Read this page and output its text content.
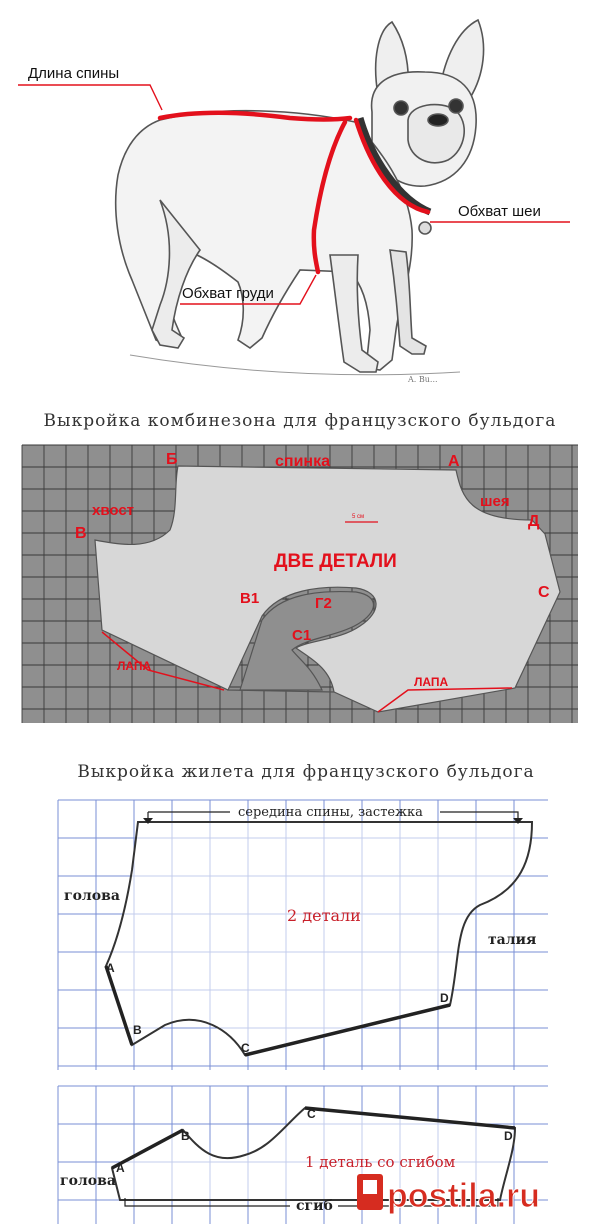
Длина спины
Обхват шеи
Обхват груди
A. Bu...
Выкройка комбинезона для французского бульдога
Б	спинка	А
хвост
шея
Д
В
5 см
ДВЕ ДЕТАЛИ
С
В1	Г2
С1
ЛАПА
ЛАПА
Выкройка жилета для французского бульдога
середина спины, застежка
голова
2 детали
талия
A
B
C
D
A
B
C
D
1 деталь со сгибом
голова
сгиб postila.ru
